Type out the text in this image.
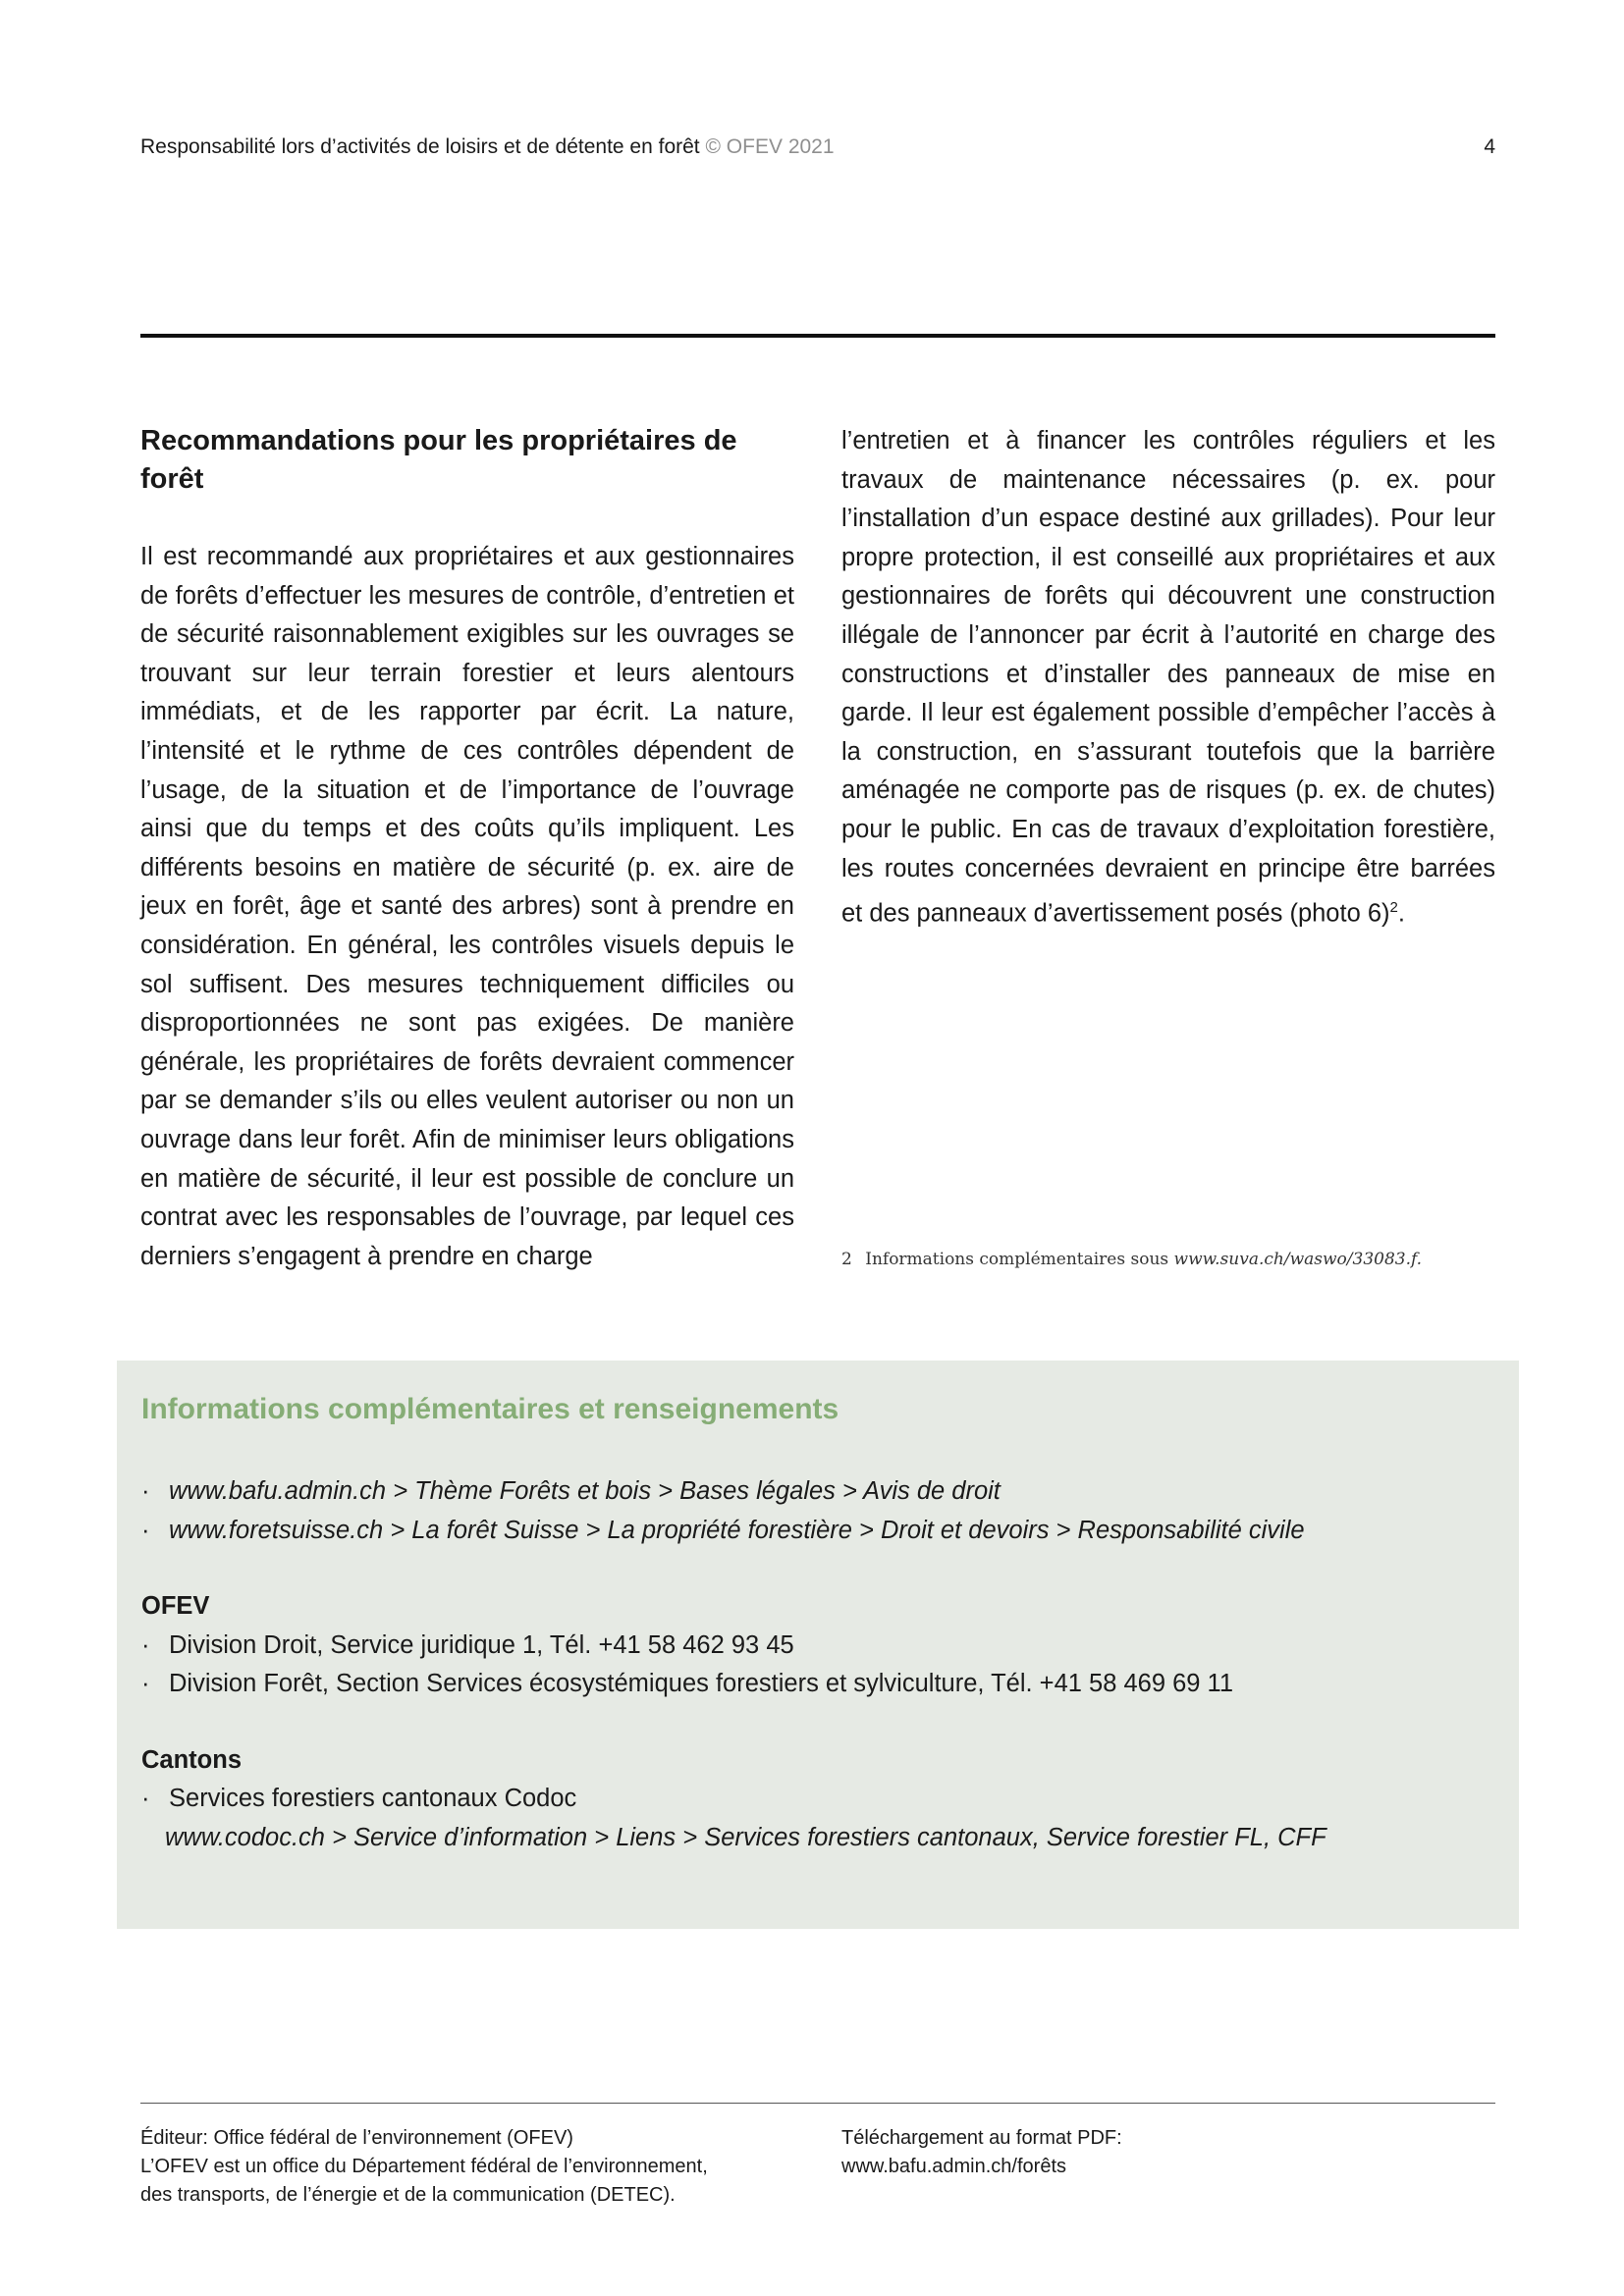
Responsabilité lors d’activités de loisirs et de détente en forêt © OFEV 2021	4
Recommandations pour les propriétaires de forêt

Il est recommandé aux propriétaires et aux gestionnaires de forêts d’effectuer les mesures de contrôle, d’entretien et de sécurité raisonnablement exigibles sur les ouvrages se trouvant sur leur terrain forestier et leurs alentours immédiats, et de les rapporter par écrit. La nature, l’intensité et le rythme de ces contrôles dépendent de l’usage, de la situation et de l’importance de l’ouvrage ainsi que du temps et des coûts qu’ils impliquent. Les différents besoins en matière de sécurité (p. ex. aire de jeux en forêt, âge et santé des arbres) sont à prendre en considération. En général, les contrôles visuels depuis le sol suffisent. Des mesures techniquement difficiles ou disproportionnées ne sont pas exigées. De manière générale, les propriétaires de forêts devraient commencer par se demander s’ils ou elles veulent autoriser ou non un ouvrage dans leur forêt. Afin de minimiser leurs obligations en matière de sécurité, il leur est possible de conclure un contrat avec les responsables de l’ouvrage, par lequel ces derniers s’engagent à prendre en charge

l’entretien et à financer les contrôles réguliers et les travaux de maintenance nécessaires (p. ex. pour l’installation d’un espace destiné aux grillades). Pour leur propre protection, il est conseillé aux propriétaires et aux gestionnaires de forêts qui découvrent une construction illégale de l’annoncer par écrit à l’autorité en charge des constructions et d’installer des panneaux de mise en garde. Il leur est également possible d’empêcher l’accès à la construction, en s’assurant toutefois que la barrière aménagée ne comporte pas de risques (p. ex. de chutes) pour le public. En cas de travaux d’exploitation forestière, les routes concernées devraient en principe être barrées et des panneaux d’avertissement posés (photo 6)$^2$.

2 Informations complémentaires sous www.suva.ch/waswo/33083.f.
Informations complémentaires et renseignements
· www.bafu.admin.ch > Thème Forêts et bois > Bases légales > Avis de droit
· www.foretsuisse.ch > La forêt Suisse > La propriété forestière > Droit et devoirs > Responsabilité civile
OFEV
· Division Droit, Service juridique 1, Tél. +41 58 462 93 45
· Division Forêt, Section Services écosystémiques forestiers et sylviculture, Tél. +41 58 469 69 11
Cantons
· Services forestiers cantonaux Codoc
www.codoc.ch > Service d’information > Liens > Services forestiers cantonaux, Service forestier FL, CFF
Éditeur: Office fédéral de l’environnement (OFEV)
L’OFEV est un office du Département fédéral de l’environnement,
des transports, de l’énergie et de la communication (DETEC).
Téléchargement au format PDF:
www.bafu.admin.ch/forêts
